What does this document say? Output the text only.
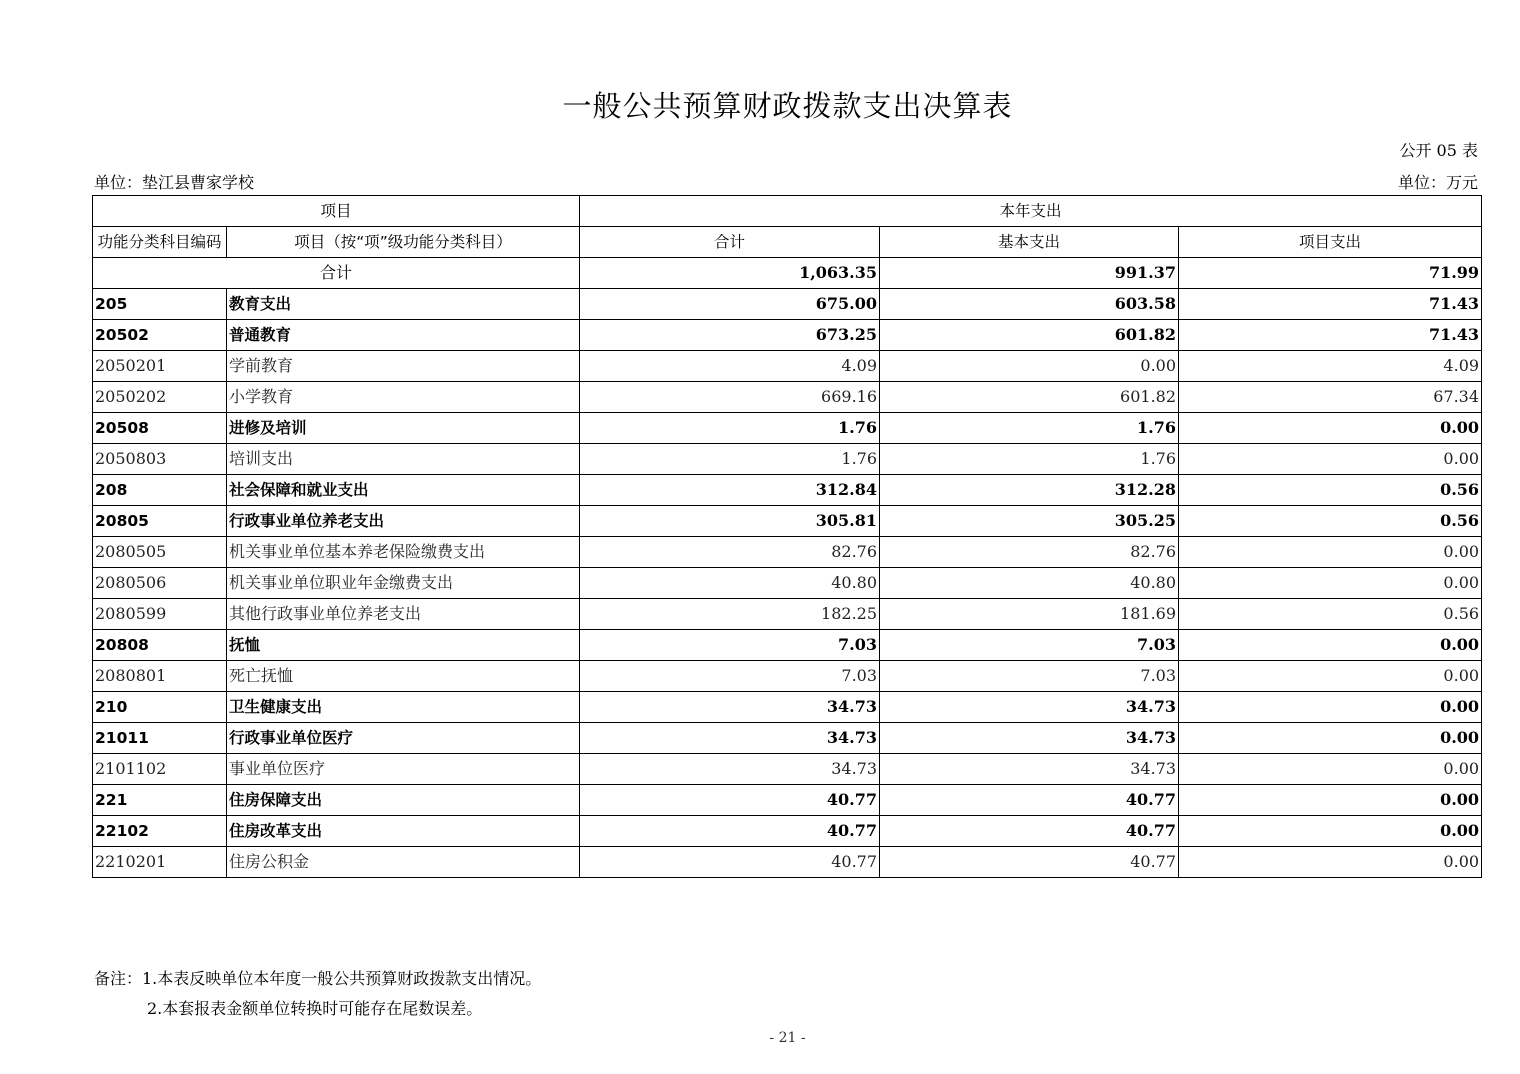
一般公共预算财政拨款支出决算表
公开 05 表
单位：垫江县曹家学校	单位：万元
项目		本年支出		
功能分类科目编码	项目（按“项”级功能分类科目）	合计	基本支出	项目支出
合计		1,063.35	991.37	71.99
205	教育支出	675.00	603.58	71.43
20502	普通教育	673.25	601.82	71.43
2050201	学前教育	4.09	0.00	4.09
2050202	小学教育	669.16	601.82	67.34
20508	进修及培训	1.76	1.76	0.00
2050803	培训支出	1.76	1.76	0.00
208	社会保障和就业支出	312.84	312.28	0.56
20805	行政事业单位养老支出	305.81	305.25	0.56
2080505	机关事业单位基本养老保险缴费支出	82.76	82.76	0.00
2080506	机关事业单位职业年金缴费支出	40.80	40.80	0.00
2080599	其他行政事业单位养老支出	182.25	181.69	0.56
20808	抚恤	7.03	7.03	0.00
2080801	死亡抚恤	7.03	7.03	0.00
210	卫生健康支出	34.73	34.73	0.00
21011	行政事业单位医疗	34.73	34.73	0.00
2101102	事业单位医疗	34.73	34.73	0.00
221	住房保障支出	40.77	40.77	0.00
22102	住房改革支出	40.77	40.77	0.00
2210201	住房公积金	40.77	40.77	0.00
备注：1.本表反映单位本年度一般公共预算财政拨款支出情况。
2.本套报表金额单位转换时可能存在尾数误差。
- 21 -
